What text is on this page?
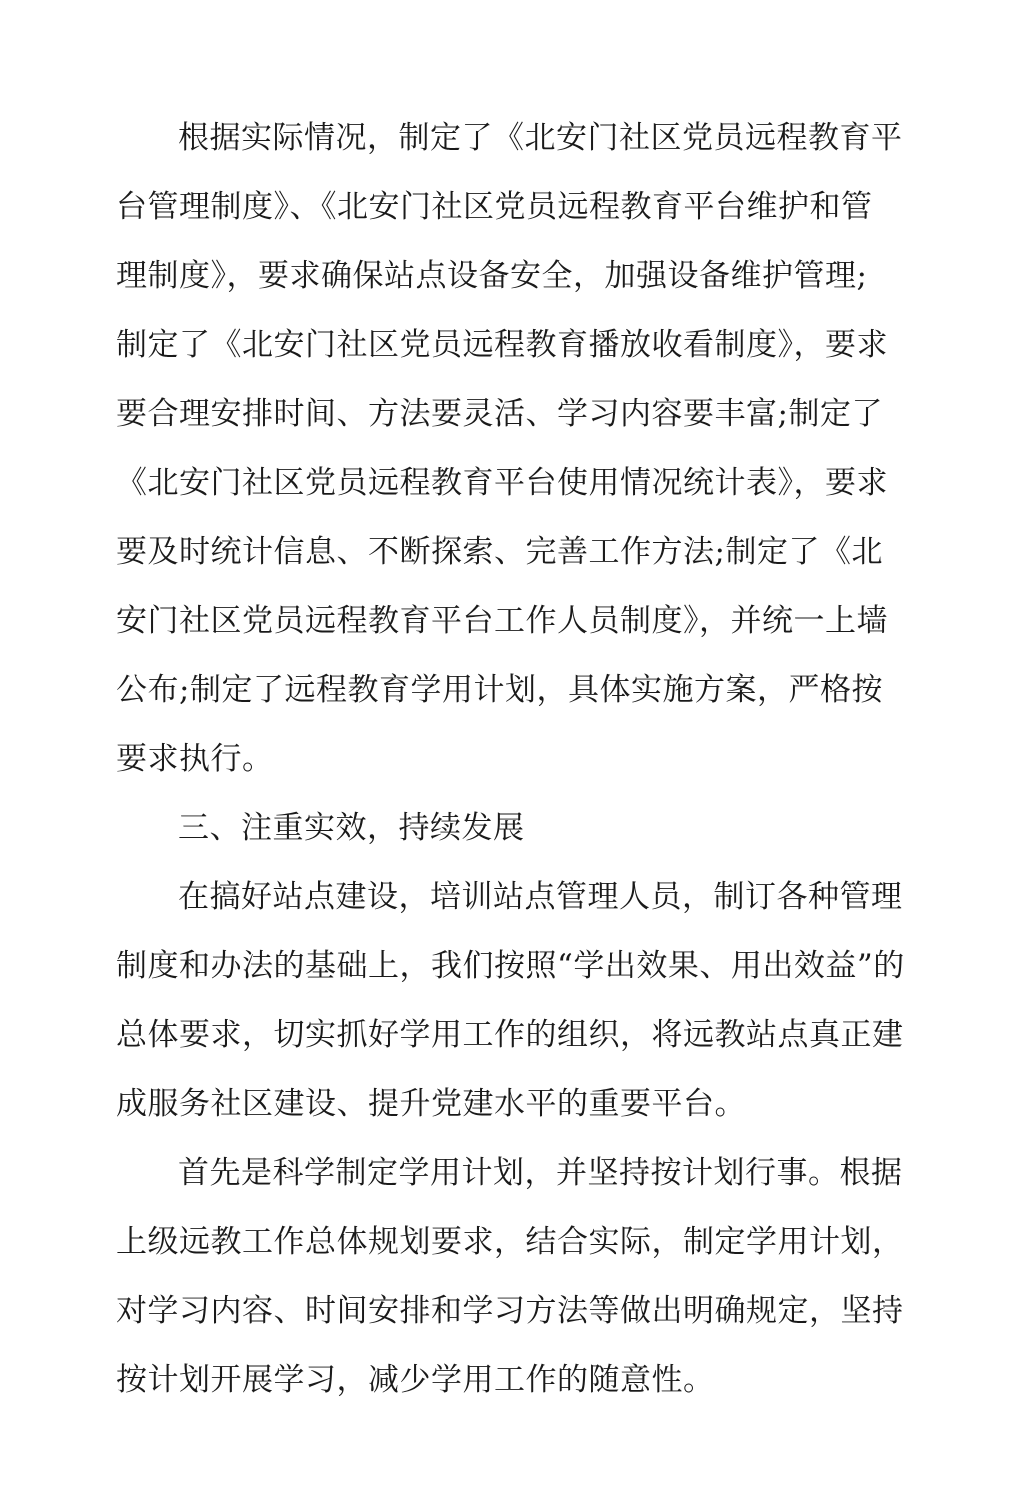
根据实际情况，制定了《北安门社区党员远程教育平
台管理制度》、《北安门社区党员远程教育平台维护和管
理制度》，要求确保站点设备安全，加强设备维护管理;
制定了《北安门社区党员远程教育播放收看制度》，要求
要合理安排时间、方法要灵活、学习内容要丰富;制定了
《北安门社区党员远程教育平台使用情况统计表》，要求
要及时统计信息、不断探索、完善工作方法;制定了《北
安门社区党员远程教育平台工作人员制度》，并统一上墙
公布;制定了远程教育学用计划，具体实施方案，严格按
要求执行。
三、注重实效，持续发展
在搞好站点建设，培训站点管理人员，制订各种管理
制度和办法的基础上，我们按照“学出效果、用出效益”的
总体要求，切实抓好学用工作的组织，将远教站点真正建
成服务社区建设、提升党建水平的重要平台。
首先是科学制定学用计划，并坚持按计划行事。根据
上级远教工作总体规划要求，结合实际，制定学用计划，
对学习内容、时间安排和学习方法等做出明确规定，坚持
按计划开展学习，减少学用工作的随意性。
